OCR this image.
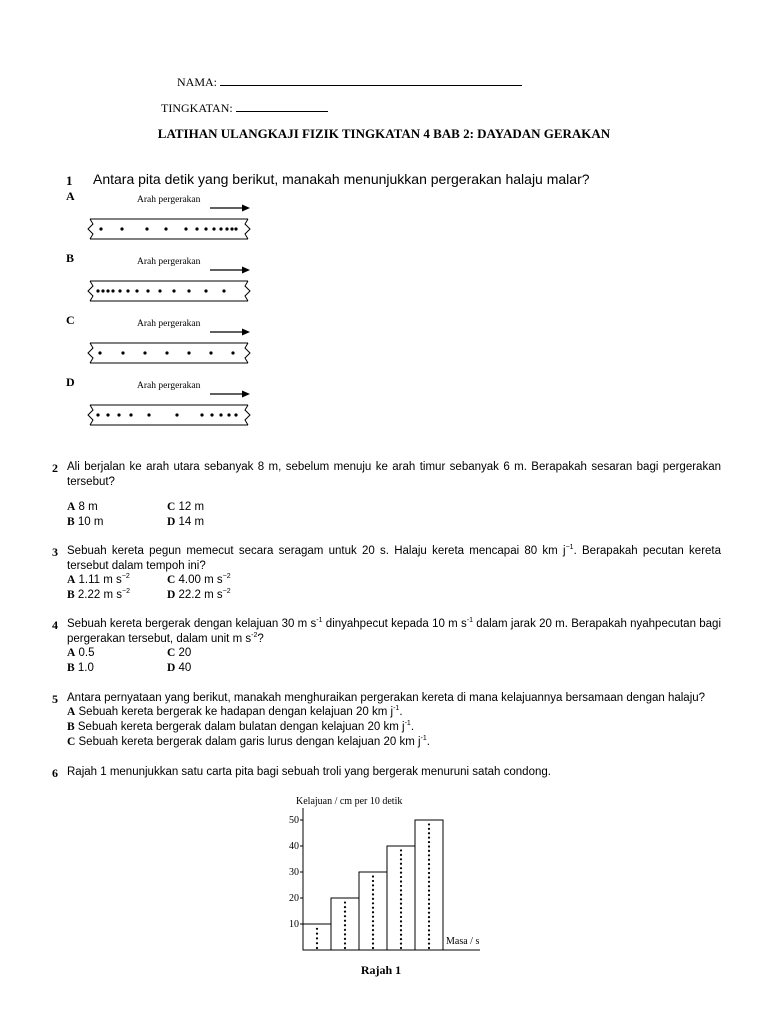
NAMA:
TINGKATAN:
LATIHAN ULANGKAJI FIZIK TINGKATAN 4 BAB 2: DAYADAN GERAKAN
1 Antara pita detik yang berikut, manakah menunjukkan pergerakan halaju malar?
A	Arah pergerakan
B	Arah pergerakan
C	Arah pergerakan
D	Arah pergerakan
2 Ali berjalan ke arah utara sebanyak 8 m, sebelum menuju ke arah timur sebanyak 6 m. Berapakah sesaran bagi pergerakan tersebut?
A 8 m	C 12 m
B 10 m	D 14 m
3 Sebuah kereta pegun memecut secara seragam untuk 20 s. Halaju kereta mencapai 80 km $j^{-1}$. Berapakah pecutan kereta tersebut dalam tempoh ini?
A 1.11 m $s^{-2}$	C 4.00 m $s^{-2}$
B 2.22 m $s^{-2}$	D 22.2 m $s^{-2}$
4 Sebuah kereta bergerak dengan kelajuan 30 m $s^{-1}$ dinyahpecut kepada 10 m $s^{-1}$ dalam jarak 20 m. Berapakah nyahpecutan bagi pergerakan tersebut, dalam unit m $s^{-2}$?
A 0.5	C 20
B 1.0	D 40
5 Antara pernyataan yang berikut, manakah menghuraikan pergerakan kereta di mana kelajuannya bersamaan dengan halaju?
A Sebuah kereta bergerak ke hadapan dengan kelajuan 20 km $j^{-1}$.
B Sebuah kereta bergerak dalam bulatan dengan kelajuan 20 km $j^{-1}$.
C Sebuah kereta bergerak dalam garis lurus dengan kelajuan 20 km $j^{-1}$.
6 Rajah 1 menunjukkan satu carta pita bagi sebuah troli yang bergerak menuruni satah condong.
Kelajuan / cm per 10 detik
Masa / s
Rajah 1
10
20
30
40
50
